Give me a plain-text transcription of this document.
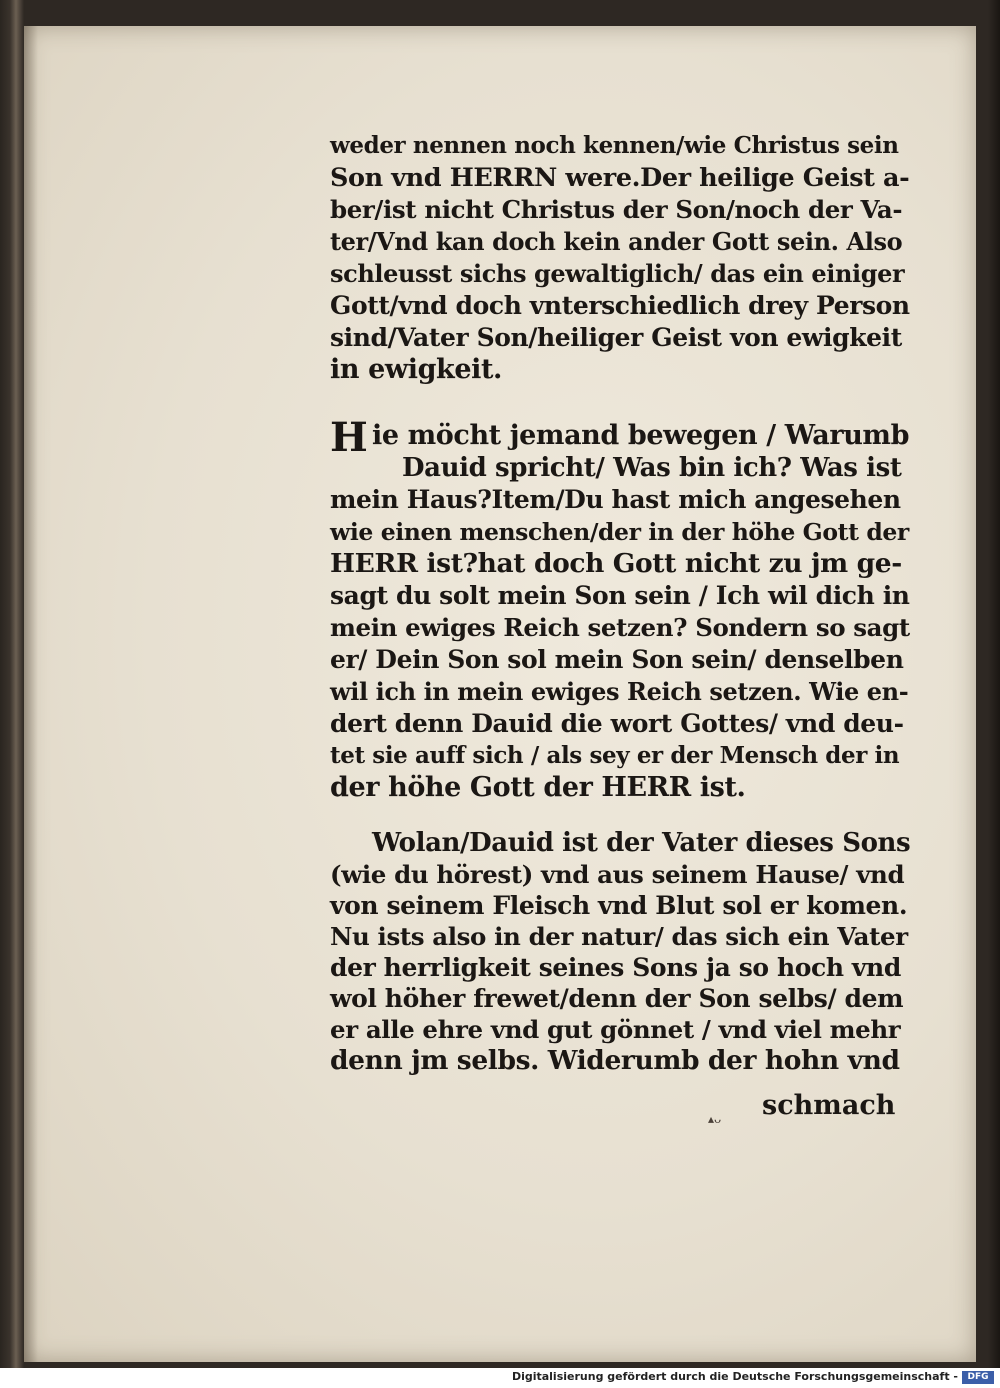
weder nennen noch kennen/wie Christus sein
Son vnd HERRN were.Der heilige Geist a-
ber/ist nicht Christus der Son/noch der Va-
ter/Vnd kan doch kein ander Gott sein. Also
schleusst sichs gewaltiglich/ das ein einiger
Gott/vnd doch vnterschiedlich drey Person
sind/Vater Son/heiliger Geist von ewigkeit
in ewigkeit.
H ie möcht jemand bewegen / Warumb
Dauid spricht/ Was bin ich? Was ist
mein Haus?Item/Du hast mich angesehen
wie einen menschen/der in der höhe Gott der
HERR ist?hat doch Gott nicht zu jm ge-
sagt du solt mein Son sein / Ich wil dich in
mein ewiges Reich setzen? Sondern so sagt
er/ Dein Son sol mein Son sein/ denselben
wil ich in mein ewiges Reich setzen. Wie en-
dert denn Dauid die wort Gottes/ vnd deu-
tet sie auff sich / als sey er der Mensch der in
der höhe Gott der HERR ist.
Wolan/Dauid ist der Vater dieses Sons
(wie du hörest) vnd aus seinem Hause/ vnd
von seinem Fleisch vnd Blut sol er komen.
Nu ists also in der natur/ das sich ein Vater
der herrligkeit seines Sons ja so hoch vnd
wol höher frewet/denn der Son selbs/ dem
er alle ehre vnd gut gönnet / vnd viel mehr
denn jm selbs. Widerumb der hohn vnd
schmach
▴ᴗ
Digitalisierung gefördert durch die Deutsche Forschungsgemeinschaft -	DFG
